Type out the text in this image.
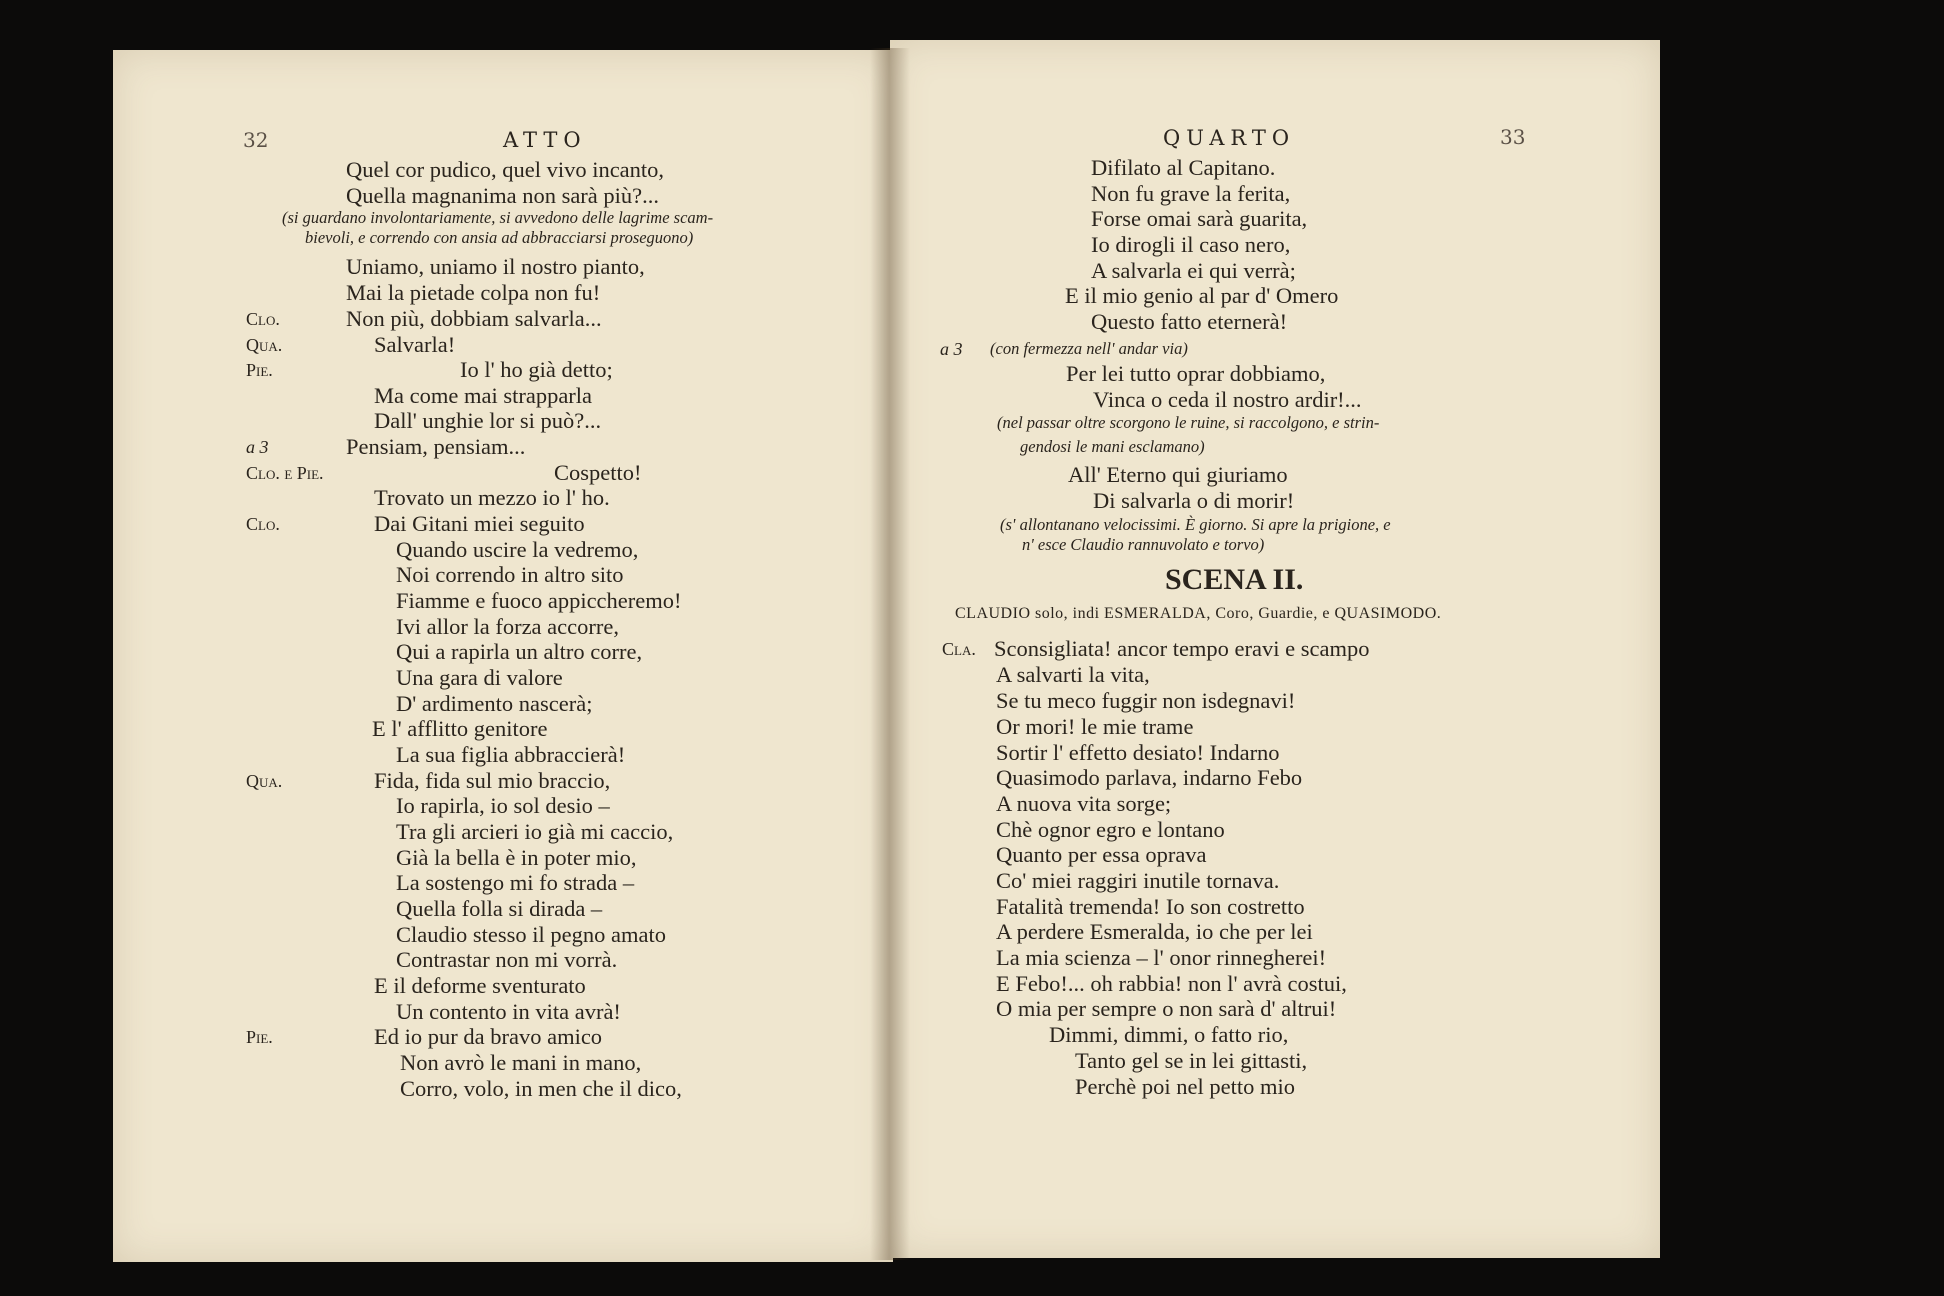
32	ATTO
Quel cor pudico, quel vivo incanto,
Quella magnanima non sarà più?...
(si guardano involontariamente, si avvedono delle lagrime scam-
bievoli, e correndo con ansia ad abbracciarsi proseguono)
Uniamo, uniamo il nostro pianto,
Mai la pietade colpa non fu!
Clo.	Non più, dobbiam salvarla...
Qua.	Salvarla!
Pie.	Io l' ho già detto;
Ma come mai strapparla
Dall' unghie lor si può?...
a 3	Pensiam, pensiam...
Clo. e Pie.	Cospetto!
Trovato un mezzo io l' ho.
Clo.	Dai Gitani miei seguito
Quando uscire la vedremo,
Noi correndo in altro sito
Fiamme e fuoco appiccheremo!
Ivi allor la forza accorre,
Qui a rapirla un altro corre,
Una gara di valore
D' ardimento nascerà;
E l' afflitto genitore
La sua figlia abbraccierà!
Qua.	Fida, fida sul mio braccio,
Io rapirla, io sol desio –
Tra gli arcieri io già mi caccio,
Già la bella è in poter mio,
La sostengo mi fo strada –
Quella folla si dirada –
Claudio stesso il pegno amato
Contrastar non mi vorrà.
E il deforme sventurato
Un contento in vita avrà!
Pie.	Ed io pur da bravo amico
Non avrò le mani in mano,
Corro, volo, in men che il dico,
QUARTO	33
Difilato al Capitano.
Non fu grave la ferita,
Forse omai sarà guarita,
Io dirogli il caso nero,
A salvarla ei qui verrà;
E il mio genio al par d' Omero
Questo fatto eternerà!
a 3 (con fermezza nell' andar via)
Per lei tutto oprar dobbiamo,
Vinca o ceda il nostro ardir!...
(nel passar oltre scorgono le ruine, si raccolgono, e strin-
gendosi le mani esclamano)
All' Eterno qui giuriamo
Di salvarla o di morir!
(s' allontanano velocissimi. È giorno. Si apre la prigione, e
n' esce Claudio rannuvolato e torvo)
SCENA II.
CLAUDIO solo, indi ESMERALDA, Coro, Guardie, e QUASIMODO.
Cla. Sconsigliata! ancor tempo eravi e scampo
A salvarti la vita,
Se tu meco fuggir non isdegnavi!
Or mori! le mie trame
Sortir l' effetto desiato! Indarno
Quasimodo parlava, indarno Febo
A nuova vita sorge;
Chè ognor egro e lontano
Quanto per essa oprava
Co' miei raggiri inutile tornava.
Fatalità tremenda! Io son costretto
A perdere Esmeralda, io che per lei
La mia scienza – l' onor rinnegherei!
E Febo!... oh rabbia! non l' avrà costui,
O mia per sempre o non sarà d' altrui!
Dimmi, dimmi, o fatto rio,
Tanto gel se in lei gittasti,
Perchè poi nel petto mio
